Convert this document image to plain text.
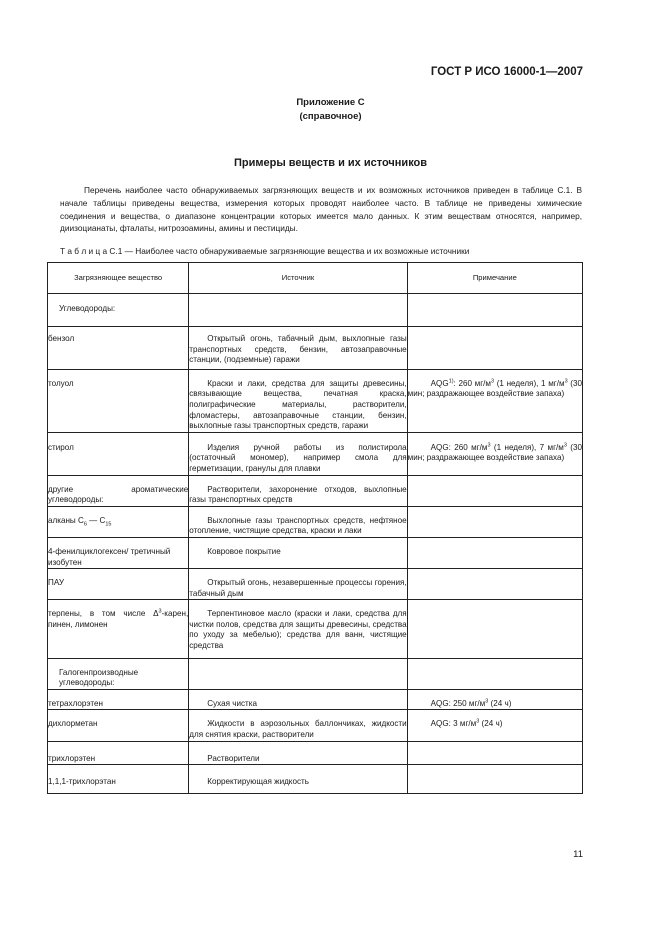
ГОСТ Р ИСО 16000-1—2007
Приложение С
(справочное)
Примеры веществ и их источников

Перечень наиболее часто обнаруживаемых загрязняющих веществ и их возможных источников приведен в таблице С.1. В начале таблицы приведены вещества, измерения которых проводят наиболее часто. В таблице не приведены химические соединения и вещества, о диапазоне концентрации которых имеется мало данных. К этим веществам относятся, например, диизоцианаты, фталаты, нитрозоамины, амины и пестициды.

Т а б л и ц а С.1 — Наиболее часто обнаруживаемые загрязняющие вещества и их возможные источники
Загрязняющее вещество	Источник	Примечание
Углеводороды:		
бензол	Открытый огонь, табачный дым, выхлопные газы транспортных средств, бензин, автозаправочные станции, (подземные) гаражи	

толуол	Краски и лаки, средства для защиты древесины, связывающие вещества, печатная краска, полиграфические материалы, растворители, фломастеры, автозаправочные станции, бензин, выхлопные газы транспортных средств, гаражи	AQG$^{1)}$: 260 $мг/м^3$ (1 неделя), 1 $мг/м^3$ (30 мин; раздражающее воздействие запаха)

стирол	Изделия ручной работы из полистирола (остаточный мономер), например смола для герметизации, гранулы для плавки	AQG: 260 $мг/м^3$ (1 неделя), 7 $мг/м^3$ (30 мин; раздражающее воздействие запаха)

другие ароматические углеводороды:	Растворители, захоронение отходов, выхлопные газы транспортных средств	

алканы $С_6$ — $С_{15}$	Выхлопные газы транспортных средств, нефтяное отопление, чистящие средства, краски и лаки	

4-фенилциклогексен/ третичный изобутен	Ковровое покрытие	

ПАУ	Открытый огонь, незавершенные процессы горения, табачный дым	

терпены, в том числе $\Delta^3$-карен, пинен, лимонен	Терпентиновое масло (краски и лаки, средства для чистки полов, средства для защиты древесины, средства по уходу за мебелью); средства для ванн, чистящие средства	

Галогенпроизводные углеводороды:		
тетрахлорэтен	Сухая чистка	AQG: 250 $мг/м^3$ (24 ч)

дихлорметан	Жидкости в аэрозольных баллончиках, жидкости для снятия краски, растворители	AQG: 3 $мг/м^3$ (24 ч)

трихлорэтен	Растворители	

1,1,1-трихлорэтан	Корректирующая жидкость	

11
